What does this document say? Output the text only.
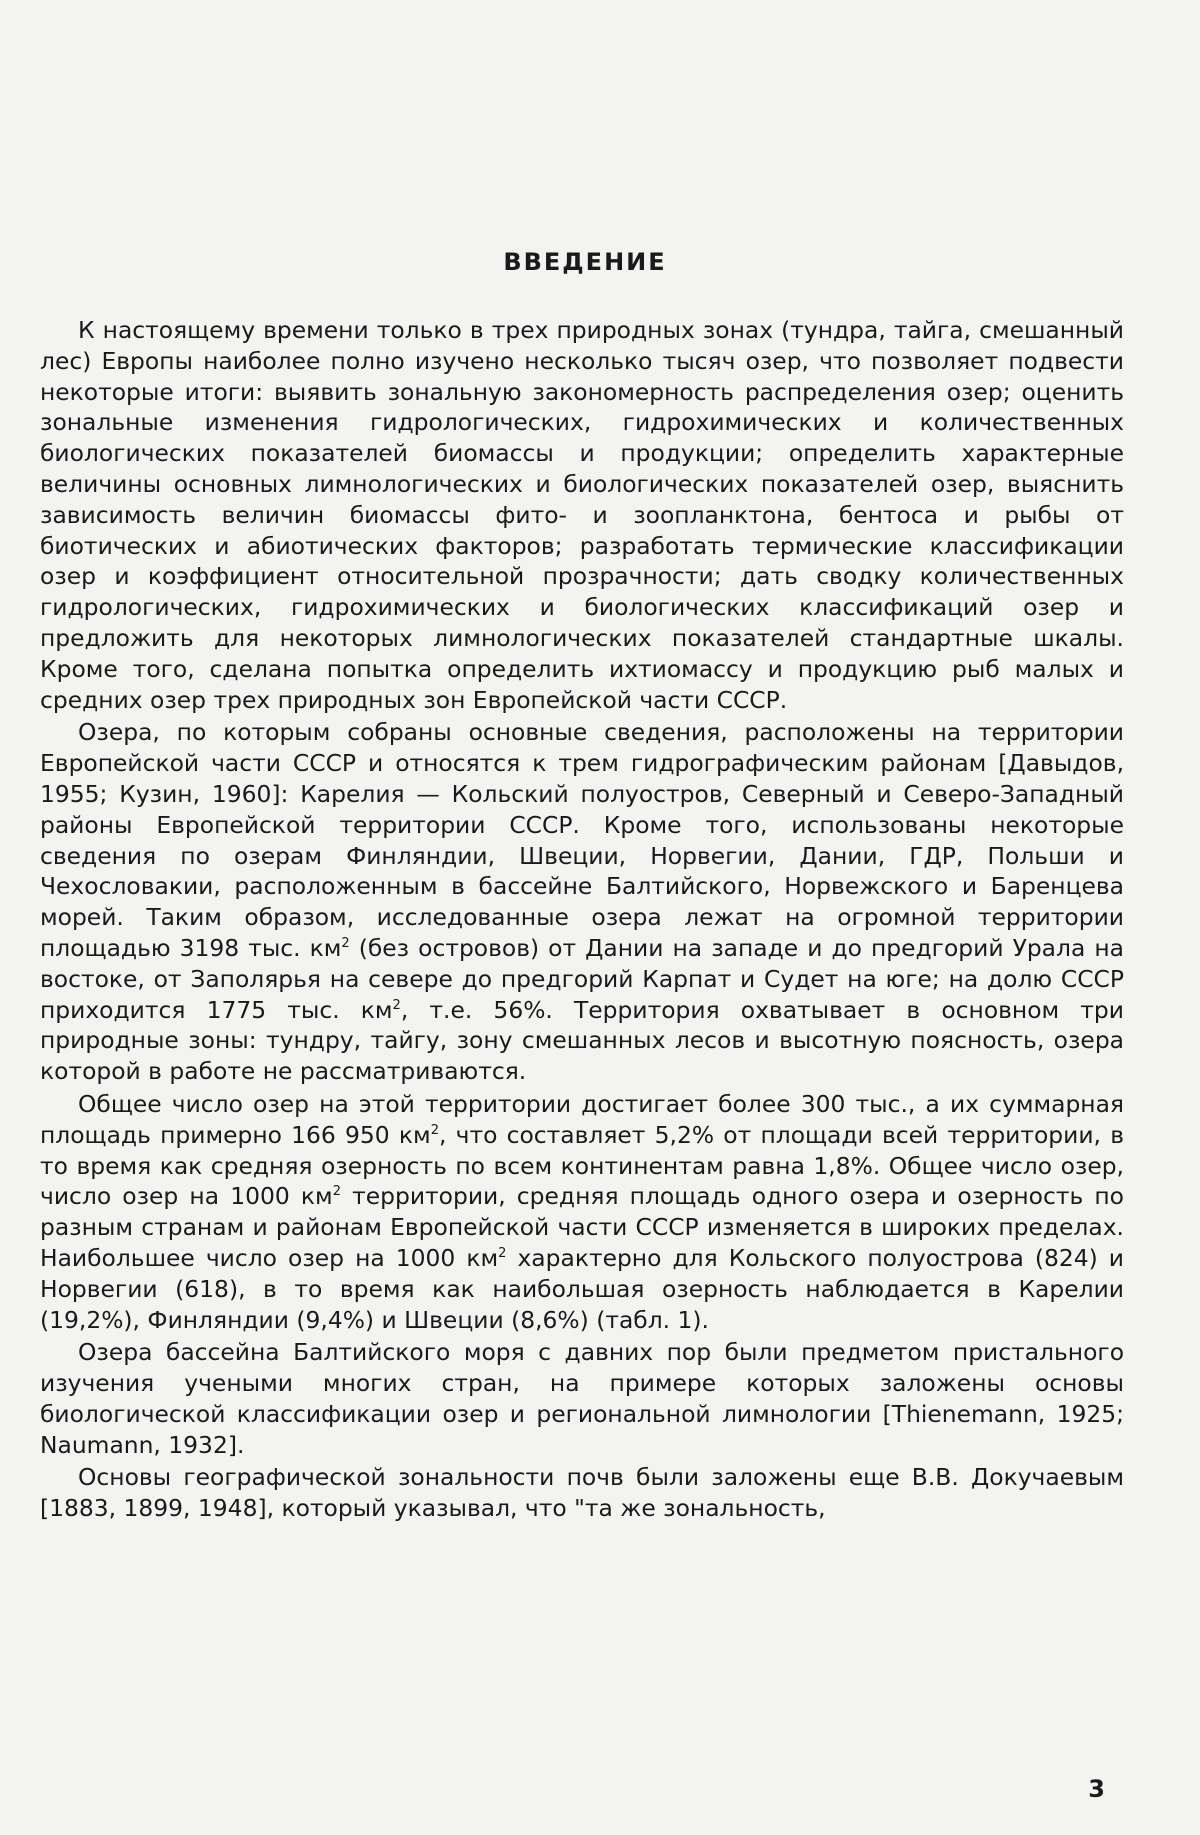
ВВЕДЕНИЕ

К настоящему времени только в трех природных зонах (тундра, тайга, смешанный лес) Европы наиболее полно изучено несколько тысяч озер, что позволяет подвести некоторые итоги: выявить зональную закономерность распределения озер; оценить зональные изменения гидрологических, гидрохимических и количественных биологических показателей биомассы и продукции; определить характерные величины основных лимнологических и биологических показателей озер, выяснить зависимость величин биомассы фито- и зоопланктона, бентоса и рыбы от биотических и абиотических факторов; разработать термические классификации озер и коэффициент относительной прозрачности; дать сводку количественных гидрологических, гидрохимических и биологических классификаций озер и предложить для некоторых лимнологических показателей стандартные шкалы. Кроме того, сделана попытка определить ихтиомассу и продукцию рыб малых и средних озер трех природных зон Европейской части СССР.

Озера, по которым собраны основные сведения, расположены на территории Европейской части СССР и относятся к трем гидрографическим районам [Давыдов, 1955; Кузин, 1960]: Карелия — Кольский полуостров, Северный и Северо-Западный районы Европейской территории СССР. Кроме того, использованы некоторые сведения по озерам Финляндии, Швеции, Норвегии, Дании, ГДР, Польши и Чехословакии, расположенным в бассейне Балтийского, Норвежского и Баренцева морей. Таким образом, исследованные озера лежат на огромной территории площадью 3198 тыс. $км^2$ (без островов) от Дании на западе и до предгорий Урала на востоке, от Заполярья на севере до предгорий Карпат и Судет на юге; на долю СССР приходится 1775 тыс. $км^2$, т.е. 56%. Территория охватывает в основном три природные зоны: тундру, тайгу, зону смешанных лесов и высотную поясность, озера которой в работе не рассматриваются.

Общее число озер на этой территории достигает более 300 тыс., а их суммарная площадь примерно 166 950 $км^2$, что составляет 5,2% от площади всей территории, в то время как средняя озерность по всем континентам равна 1,8%. Общее число озер, число озер на 1000 $км^2$ территории, средняя площадь одного озера и озерность по разным странам и районам Европейской части СССР изменяется в широких пределах. Наибольшее число озер на 1000 $км^2$ характерно для Кольского полуострова (824) и Норвегии (618), в то время как наибольшая озерность наблюдается в Карелии (19,2%), Финляндии (9,4%) и Швеции (8,6%) (табл. 1).

Озера бассейна Балтийского моря с давних пор были предметом пристального изучения учеными многих стран, на примере которых заложены основы биологической классификации озер и региональной лимнологии [Thienemann, 1925; Naumann, 1932].

Основы географической зональности почв были заложены еще В.В. Докучаевым [1883, 1899, 1948], который указывал, что "та же зональность,

3
